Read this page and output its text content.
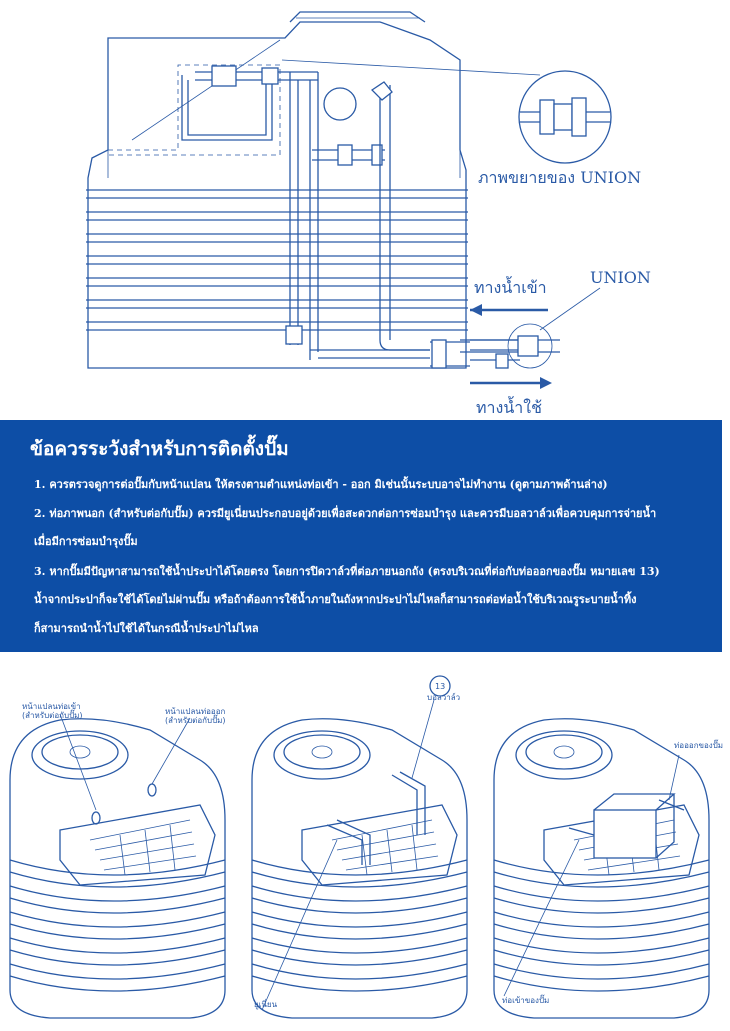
ภาพขยายของ UNION
UNION
ทางน้ำเข้า
ทางน้ำใช้
ข้อควรระวังสำหรับการติดตั้งปั๊ม
1. ควรตรวจดูการต่อปั๊มกับหน้าแปลน ให้ตรงตามตำแหน่งท่อเข้า - ออก มิเช่นนั้นระบบอาจไม่ทำงาน (ดูตามภาพด้านล่าง)
2. ท่อภาพนอก (สำหรับต่อกับปั๊ม) ควรมียูเนี่ยนประกอบอยู่ด้วยเพื่อสะดวกต่อการซ่อมบำรุง และควรมีบอลวาล์วเพื่อควบคุมการจ่ายน้ำ
เมื่อมีการซ่อมบำรุงปั๊ม
3. หากปั๊มมีปัญหาสามารถใช้น้ำประปาได้โดยตรง โดยการปิดวาล์วที่ต่อภายนอกถัง (ตรงบริเวณที่ต่อกับท่อออกของปั๊ม หมายเลข 13)
น้ำจากประปาก็จะใช้ได้โดยไม่ผ่านปั๊ม หรือถ้าต้องการใช้น้ำภายในถังหากประปาไม่ไหลก็สามารถต่อท่อน้ำใช้บริเวณรูระบายน้ำทิ้ง
ก็สามารถนำน้ำไปใช้ได้ในกรณีน้ำประปาไม่ไหล
หน้าแปลนท่อเข้า
(สำหรับต่อกับปั๊ม)	หน้าแปลนท่อออก
(สำหรับต่อกับปั๊ม)
13
บอลวาล์ว
ยูเนี่ยน
ท่อออกของปั๊ม
ท่อเข้าของปั๊ม
